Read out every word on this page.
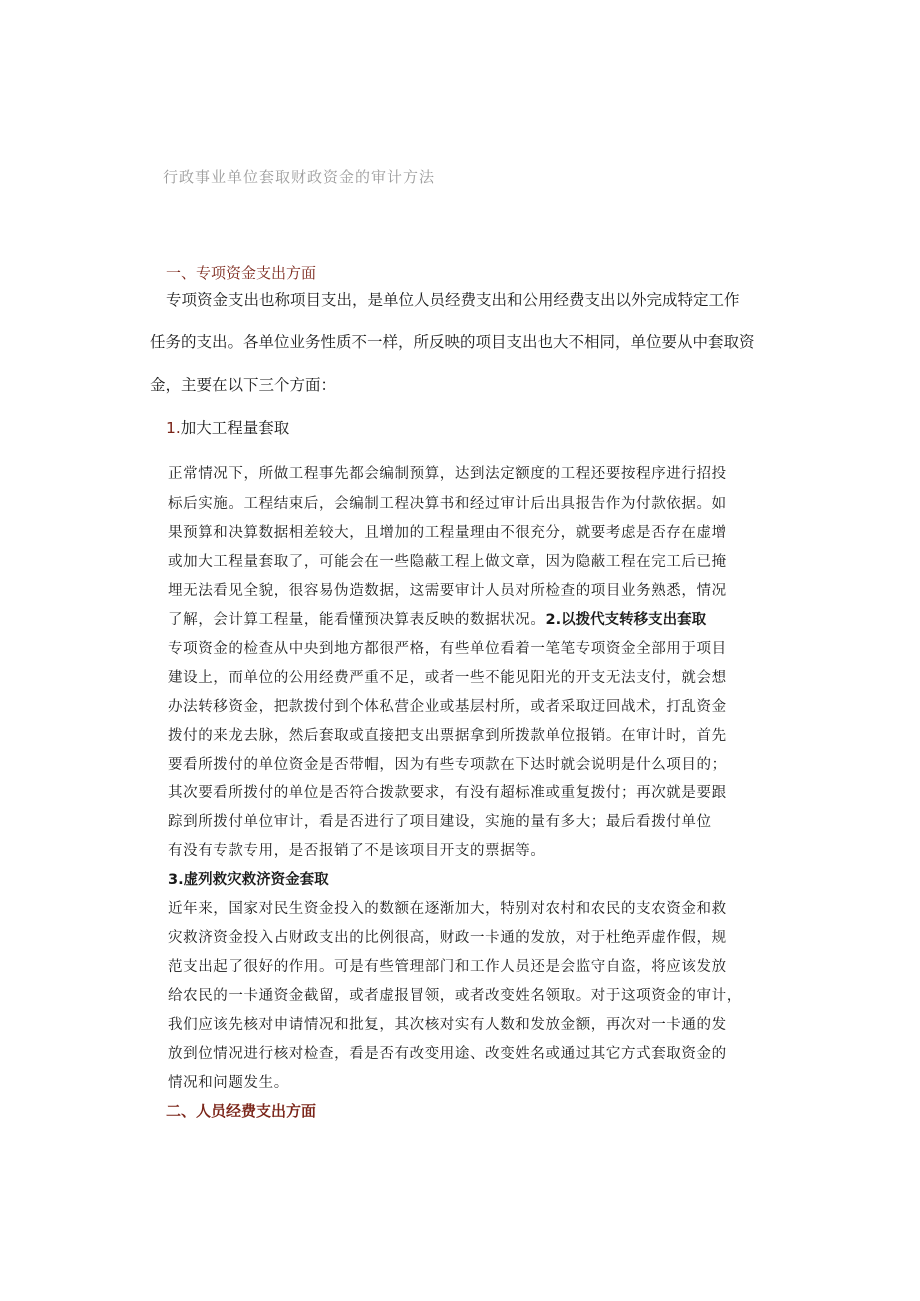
行政事业单位套取财政资金的审计方法
一、专项资金支出方面
专项资金支出也称项目支出，是单位人员经费支出和公用经费支出以外完成特定工作
任务的支出。各单位业务性质不一样，所反映的项目支出也大不相同，单位要从中套取资
金，主要在以下三个方面：
1.加大工程量套取
正常情况下，所做工程事先都会编制预算，达到法定额度的工程还要按程序进行招投
标后实施。工程结束后，会编制工程决算书和经过审计后出具报告作为付款依据。如
果预算和决算数据相差较大，且增加的工程量理由不很充分，就要考虑是否存在虚增
或加大工程量套取了，可能会在一些隐蔽工程上做文章，因为隐蔽工程在完工后已掩
埋无法看见全貌，很容易伪造数据，这需要审计人员对所检查的项目业务熟悉，情况
了解，会计算工程量，能看懂预决算表反映的数据状况。2.以拨代支转移支出套取
专项资金的检查从中央到地方都很严格，有些单位看着一笔笔专项资金全部用于项目
建设上，而单位的公用经费严重不足，或者一些不能见阳光的开支无法支付，就会想
办法转移资金，把款拨付到个体私营企业或基层村所，或者采取迂回战术，打乱资金
拨付的来龙去脉，然后套取或直接把支出票据拿到所拨款单位报销。在审计时，首先
要看所拨付的单位资金是否带帽，因为有些专项款在下达时就会说明是什么项目的；
其次要看所拨付的单位是否符合拨款要求，有没有超标准或重复拨付；再次就是要跟
踪到所拨付单位审计，看是否进行了项目建设，实施的量有多大；最后看拨付单位
有没有专款专用，是否报销了不是该项目开支的票据等。
3.虚列救灾救济资金套取
近年来，国家对民生资金投入的数额在逐渐加大，特别对农村和农民的支农资金和救
灾救济资金投入占财政支出的比例很高，财政一卡通的发放，对于杜绝弄虚作假，规
范支出起了很好的作用。可是有些管理部门和工作人员还是会监守自盗，将应该发放
给农民的一卡通资金截留，或者虚报冒领，或者改变姓名领取。对于这项资金的审计，
我们应该先核对申请情况和批复，其次核对实有人数和发放金额，再次对一卡通的发
放到位情况进行核对检查，看是否有改变用途、改变姓名或通过其它方式套取资金的
情况和问题发生。
二、人员经费支出方面
